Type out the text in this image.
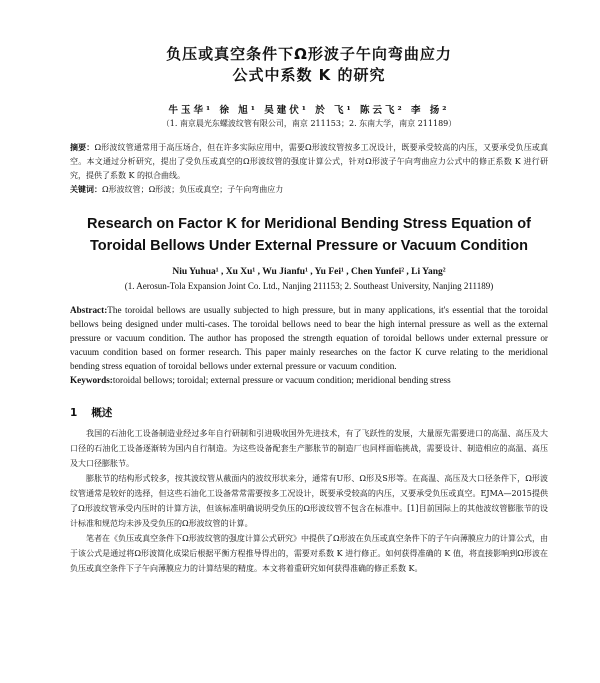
负压或真空条件下Ω形波子午向弯曲应力
公式中系数 K 的研究
牛玉华¹ 徐 旭¹ 吴建伏¹ 於 飞¹ 陈云飞² 李 扬²
（1. 南京晨光东螺波纹管有限公司，南京 211153；2. 东南大学，南京 211189）
摘要：Ω形波纹管通常用于高压场合，但在许多实际应用中，需要Ω形波纹管按多工况设计，既要承受较高的内压，又要承受负压或真空。本文通过分析研究，提出了受负压或真空的Ω形波纹管的强度计算公式，针对Ω形波子午向弯曲应力公式中的修正系数 K 进行研究，提供了系数 K 的拟合曲线。
关键词：Ω形波纹管；Ω形波；负压或真空；子午向弯曲应力
Research on Factor K for Meridional Bending Stress Equation of
Toroidal Bellows Under External Pressure or Vacuum Condition
Niu Yuhua¹ , Xu Xu¹ , Wu Jianfu¹ , Yu Fei¹ , Chen Yunfei² , Li Yang²
(1. Aerosun-Tola Expansion Joint Co. Ltd., Nanjing 211153; 2. Southeast University, Nanjing 211189)
Abstract:The toroidal bellows are usually subjected to high pressure, but in many applications, it's essential that the toroidal bellows being designed under multi-cases. The toroidal bellows need to bear the high internal pressure as well as the external pressure or vacuum condition. The author has proposed the strength equation of toroidal bellows under external pressure or vacuum condition based on former research. This paper mainly researches on the factor K curve relating to the meridional bending stress equation of toroidal bellows under external pressure or vacuum condition.
Keywords:toroidal bellows; toroidal; external pressure or vacuum condition; meridional bending stress
1 概述

我国的石油化工设备制造业经过多年自行研制和引进吸收国外先进技术，有了飞跃性的发展，大量原先需要进口的高温、高压及大口径的石油化工设备逐渐转为国内自行制造。为这些设备配套生产膨胀节的制造厂也同样面临挑战，需要设计、制造相应的高温、高压及大口径膨胀节。

膨胀节的结构形式较多，按其波纹管从截面内的波纹形状来分，通常有U形、Ω形及S形等。在高温、高压及大口径条件下，Ω形波纹管通常是较好的选择，但这些石油化工设备常常需要按多工况设计，既要承受较高的内压，又要承受负压或真空。EJMA—2015提供了Ω形波纹管承受内压时的计算方法，但该标准明确说明受负压的Ω形波纹管不包含在标准中。[1]目前国际上的其他波纹管膨胀节的设计标准和规范均未涉及受负压的Ω形波纹管的计算。

笔者在《负压或真空条件下Ω形波纹管的强度计算公式研究》中提供了Ω形波在负压或真空条件下的子午向薄膜应力的计算公式，由于该公式是通过将Ω形波简化成梁后根据平衡方程推导得出的，需要对系数 K 进行修正。如何获得准确的 K 值，将直接影响到Ω形波在负压或真空条件下子午向薄膜应力的计算结果的精度。本文将着重研究如何获得准确的修正系数 K。
